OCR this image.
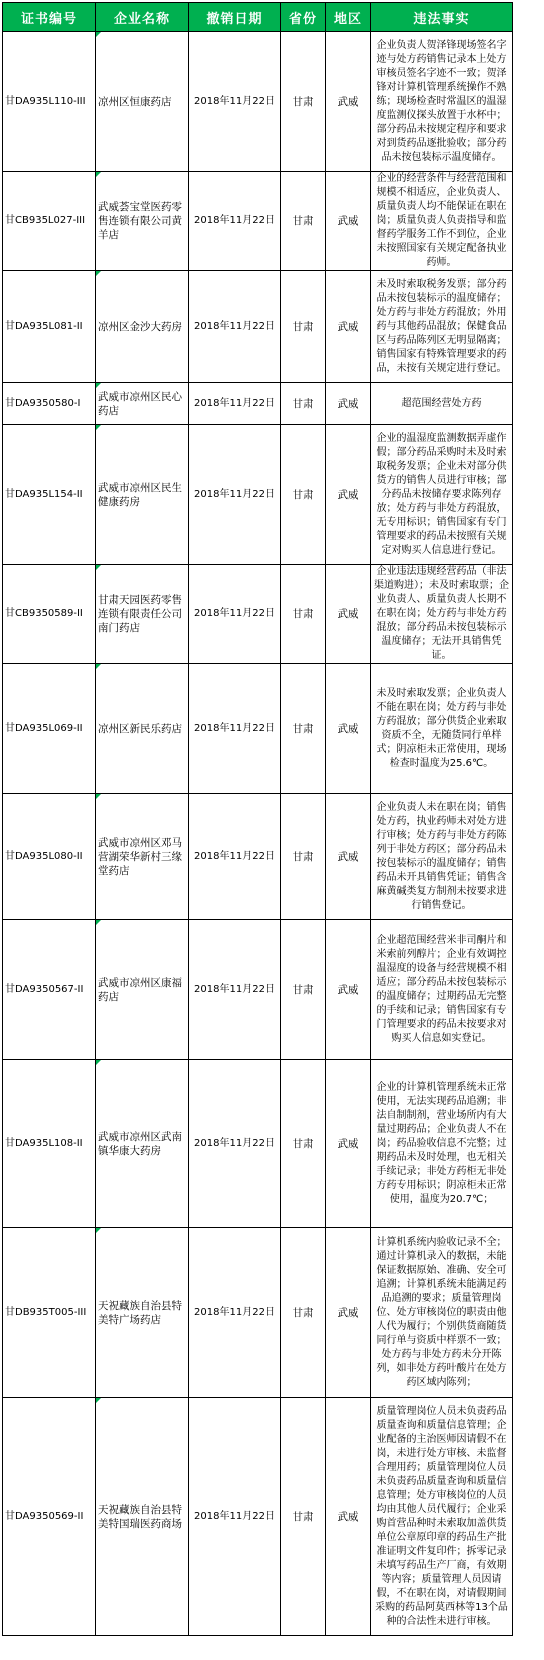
证书编号	企业名称	撤销日期	省份	地区	违法事实
甘DA935L110-III	凉州区恒康药店	2018年11月22日	甘肃	武威	企业负责人贺泽锋现场签名字迹与处方药销售记录本上处方审核员签名字迹不一致；贺泽锋对计算机管理系统操作不熟练；现场检查时常温区的温湿度监测仪探头放置于水杯中；部分药品未按规定程序和要求对到货药品逐批验收；部分药品未按包装标示温度储存。
甘CB935L027-III	武威荟宝堂医药零售连锁有限公司黄羊店	2018年11月22日	甘肃	武威	企业的经营条件与经营范围和规模不相适应，企业负责人、质量负责人均不能保证在职在岗；质量负责人负责指导和监督药学服务工作不到位，企业未按照国家有关规定配备执业药师。
甘DA935L081-II	凉州区金沙大药房	2018年11月22日	甘肃	武威	未及时索取税务发票；部分药品未按包装标示的温度储存；处方药与非处方药混放；外用药与其他药品混放；保健食品区与药品陈列区无明显隔离；销售国家有特殊管理要求的药品，未按有关规定进行登记。
甘DA9350580-I	武威市凉州区民心药店	2018年11月22日	甘肃	武威	超范围经营处方药
甘DA935L154-II	武威市凉州区民生健康药房	2018年11月22日	甘肃	武威	企业的温湿度监测数据弄虚作假；部分药品采购时未及时索取税务发票；企业未对部分供货方的销售人员进行审核；部分药品未按储存要求陈列存放；处方药与非处方药混放，无专用标识；销售国家有专门管理要求的药品未按照有关规定对购买人信息进行登记。
甘CB9350589-II	甘肃天园医药零售连锁有限责任公司南门药店	2018年11月22日	甘肃	武威	企业违法违规经营药品（非法渠道购进）；未及时索取票；企业负责人、质量负责人长期不在职在岗；处方药与非处方药混放；部分药品未按包装标示温度储存；无法开具销售凭证。
甘DA935L069-II	凉州区新民乐药店	2018年11月22日	甘肃	武威	未及时索取发票；企业负责人不能在职在岗；处方药与非处方药混放；部分供货企业索取资质不全，无随货同行单样式；阴凉柜未正常使用，现场检查时温度为25.6℃。
甘DA935L080-II	武威市凉州区邓马营湖荣华新村三缘堂药店	2018年11月22日	甘肃	武威	企业负责人未在职在岗；销售处方药，执业药师未对处方进行审核；处方药与非处方药陈列于非处方药区；部分药品未按包装标示的温度储存；销售药品未开具销售凭证；销售含麻黄碱类复方制剂未按要求进行销售登记。
甘DA9350567-II	武威市凉州区康福药店	2018年11月22日	甘肃	武威	企业超范围经营米非司酮片和米索前列醇片；企业有效调控温湿度的设备与经营规模不相适应；部分药品未按包装标示的温度储存；过期药品无完整的手续和记录；销售国家有专门管理要求的药品未按要求对购买人信息如实登记。
甘DA935L108-II	武威市凉州区武南镇华康大药房	2018年11月22日	甘肃	武威	企业的计算机管理系统未正常使用，无法实现药品追溯；非法自制制剂，营业场所内有大量过期药品；企业负责人不在岗；药品验收信息不完整；过期药品未及时处理，也无相关手续记录；非处方药柜无非处方药专用标识；阴凉柜未正常使用，温度为20.7℃；
甘DB935T005-III	天祝藏族自治县特美特广场药店	2018年11月22日	甘肃	武威	计算机系统内验收记录不全；通过计算机录入的数据，未能保证数据原始、准确、安全可追溯；计算机系统未能满足药品追溯的要求；质量管理岗位、处方审核岗位的职责由他人代为履行；个别供货商随货同行单与资质中样票不一致；处方药与非处方药未分开陈列，如非处方药叶酸片在处方药区域内陈列；
甘DA9350569-II	天祝藏族自治县特美特国瑞医药商场	2018年11月22日	甘肃	武威	质量管理岗位人员未负责药品质量查询和质量信息管理；企业配备的主治医师因请假不在岗，未进行处方审核、未监督合理用药；质量管理岗位人员未负责药品质量查询和质量信息管理；处方审核岗位的人员均由其他人员代履行；企业采购首营品种时未索取加盖供货单位公章原印章的药品生产批准证明文件复印件；拆零记录未填写药品生产厂商，有效期等内容；质量管理人员因请假，不在职在岗，对请假期间采购的药品阿莫西林等13个品种的合法性未进行审核。
